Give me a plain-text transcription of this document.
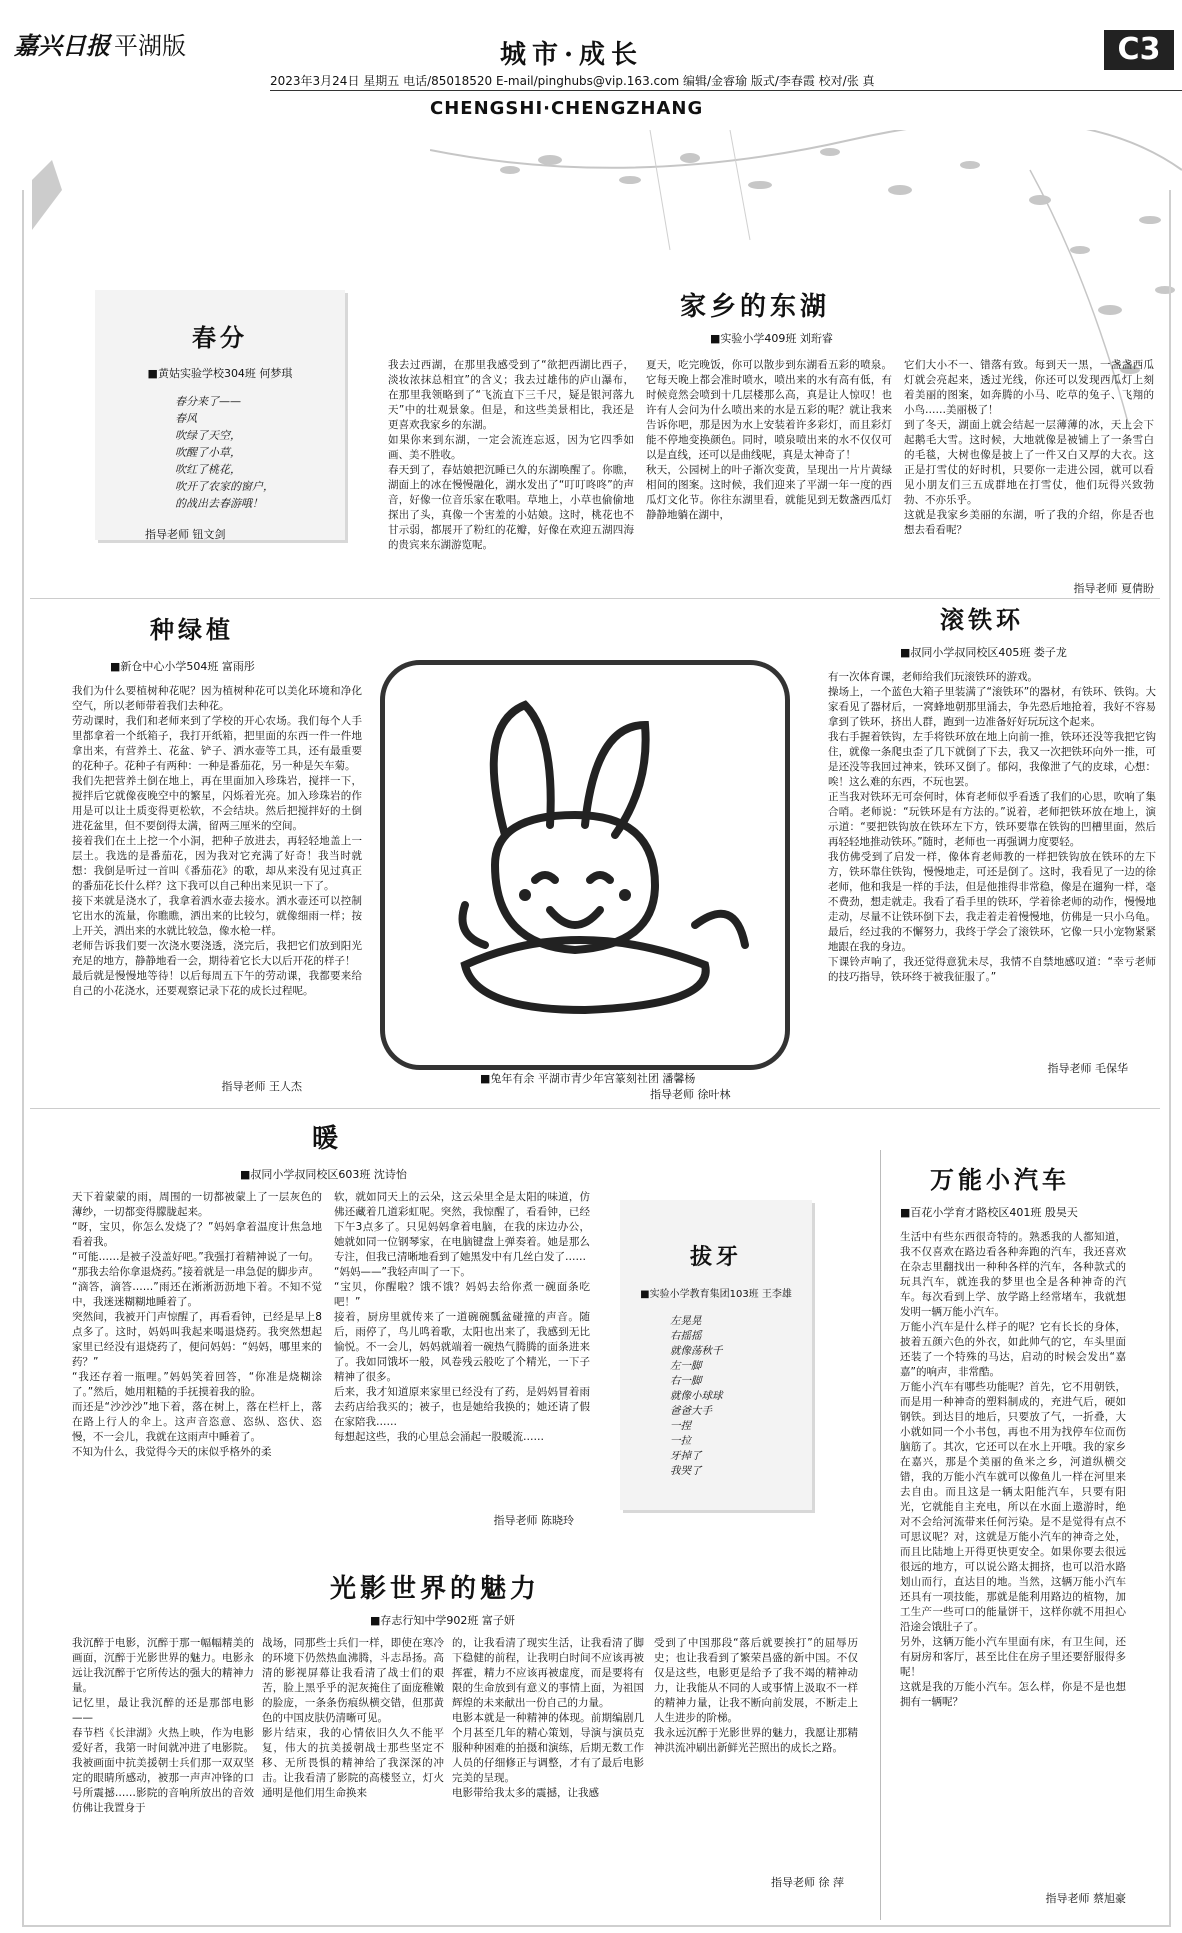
嘉兴日报 平湖版	城市·成长	C3
2023年3月24日 星期五 电话/85018520 E-mail/pinghubs@vip.163.com 编辑/金睿瑜 版式/李春霞 校对/张 真
CHENGSHI·CHENGZHANG
春分
■黄姑实验学校304班 何梦琪
春分来了——
春风
吹绿了天空，
吹醒了小草，
吹红了桃花，
吹开了农家的窗户，
的战出去春游哦！
指导老师 钮文剑
家乡的东湖
■实验小学409班 刘珩睿
我去过西湖，在那里我感受到了“欲把西湖比西子，淡妆浓抹总相宜”的含义；我去过雄伟的庐山瀑布，在那里我领略到了“飞流直下三千尺，疑是银河落九天”中的壮观景象。但是，和这些美景相比，我还是更喜欢我家乡的东湖。
如果你来到东湖，一定会流连忘返，因为它四季如画、美不胜收。
春天到了，春姑娘把沉睡已久的东湖唤醒了。你瞧，湖面上的冰在慢慢融化，湖水发出了“叮叮咚咚”的声音，好像一位音乐家在歌唱。草地上，小草也偷偷地探出了头，真像一个害羞的小姑娘。这时，桃花也不甘示弱，都展开了粉红的花瓣，好像在欢迎五湖四海的贵宾来东湖游览呢。
夏天，吃完晚饭，你可以散步到东湖看五彩的喷泉。它每天晚上都会准时喷水，喷出来的水有高有低，有时候竟然会喷到十几层楼那么高，真是让人惊叹！也许有人会问为什么喷出来的水是五彩的呢？就让我来告诉你吧，那是因为水上安装着许多彩灯，而且彩灯能不停地变换颜色。同时，喷泉喷出来的水不仅仅可以是直线，还可以是曲线呢，真是太神奇了！
秋天，公园树上的叶子渐次变黄，呈现出一片片黄绿相间的图案。这时候，我们迎来了平湖一年一度的西瓜灯文化节。你往东湖里看，就能见到无数盏西瓜灯静静地躺在湖中，
它们大小不一、错落有致。每到天一黑，一盏盏西瓜灯就会亮起来，透过光线，你还可以发现西瓜灯上刻着美丽的图案，如奔腾的小马、吃草的兔子、飞翔的小鸟……美丽极了！
到了冬天，湖面上就会结起一层薄薄的冰，天上会下起鹅毛大雪。这时候，大地就像是被铺上了一条雪白的毛毯，大树也像是披上了一件又白又厚的大衣。这正是打雪仗的好时机，只要你一走进公园，就可以看见小朋友们三五成群地在打雪仗，他们玩得兴致勃勃、不亦乐乎。
这就是我家乡美丽的东湖，听了我的介绍，你是否也想去看看呢？
指导老师 夏倩盼
种绿植
■新仓中心小学504班 富雨彤
我们为什么要植树种花呢？因为植树种花可以美化环境和净化空气，所以老师带着我们去种花。
劳动课时，我们和老师来到了学校的开心农场。我们每个人手里都拿着一个纸箱子，我打开纸箱，把里面的东西一件一件地拿出来，有营养土、花盆、铲子、洒水壶等工具，还有最重要的花种子。花种子有两种：一种是番茄花，另一种是矢车菊。
我们先把营养土倒在地上，再在里面加入珍珠岩，搅拌一下，搅拌后它就像夜晚空中的繁星，闪烁着光亮。加入珍珠岩的作用是可以让土质变得更松软，不会结块。然后把搅拌好的土倒进花盆里，但不要倒得太满，留两三厘米的空间。
接着我们在土上挖一个小洞，把种子放进去，再轻轻地盖上一层土。我选的是番茄花，因为我对它充满了好奇！我当时就想：我倒是听过一首叫《番茄花》的歌，却从来没有见过真正的番茄花长什么样？这下我可以自己种出来见识一下了。
接下来就是浇水了，我拿着洒水壶去接水。洒水壶还可以控制它出水的流量，你瞧瞧，洒出来的比较匀，就像细雨一样；按上开关，洒出来的水就比较急，像水枪一样。
老师告诉我们要一次浇水要浇透，浇完后，我把它们放到阳光充足的地方，静静地看一会，期待着它长大以后开花的样子！
最后就是慢慢地等待！以后每周五下午的劳动课，我都要来给自己的小花浇水，还要观察记录下花的成长过程呢。
指导老师 王人杰
■兔年有余 平湖市青少年宫篆刻社团 潘馨杨
指导老师 徐叶林
滚铁环
■叔同小学叔同校区405班 娄子龙
有一次体育课，老师给我们玩滚铁环的游戏。
操场上，一个蓝色大箱子里装满了“滚铁环”的器材，有铁环、铁钩。大家看见了器材后，一窝蜂地朝那里涌去，争先恐后地抢着，我好不容易拿到了铁环，挤出人群，跑到一边准备好好玩玩这个起来。
我右手握着铁钩，左手将铁环放在地上向前一推，铁环还没等我把它钩住，就像一条爬虫歪了几下就倒了下去，我又一次把铁环向外一推，可是还没等我回过神来，铁环又倒了。郁闷，我像泄了气的皮球，心想：唉！这么难的东西，不玩也罢。
正当我对铁环无可奈何时，体育老师似乎看透了我们的心思，吹响了集合哨。老师说：“玩铁环是有方法的。”说着，老师把铁环放在地上，演示道：“要把铁钩放在铁环左下方，铁环要靠在铁钩的凹槽里面，然后再轻轻地推动铁环。”随时，老师也一再强调力度要轻。
我仿佛受到了启发一样，像体育老师教的一样把铁钩放在铁环的左下方，铁环靠住铁钩，慢慢地走，可还是倒了。这时，我看见了一边的徐老师，他和我是一样的手法，但是他推得非常稳，像是在遛狗一样，毫不费劲，想走就走。我看了看手里的铁环，学着徐老师的动作，慢慢地走动，尽量不让铁环倒下去，我走着走着慢慢地，仿佛是一只小乌龟。最后，经过我的不懈努力，我终于学会了滚铁环，它像一只小宠物紧紧地跟在我的身边。
下课铃声响了，我还觉得意犹未尽，我情不自禁地感叹道：“幸亏老师的技巧指导，铁环终于被我征服了。”
指导老师 毛保华
暖
■叔同小学叔同校区603班 沈诗怡
天下着蒙蒙的雨，周围的一切都被蒙上了一层灰色的薄纱，一切都变得朦胧起来。
“呀，宝贝，你怎么发烧了？”妈妈拿着温度计焦急地看着我。
“可能……是被子没盖好吧。”我强打着精神说了一句。
“那我去给你拿退烧药。”接着就是一串急促的脚步声。
“滴答，滴答……”雨还在淅淅沥沥地下着。不知不觉中，我迷迷糊糊地睡着了。
突然间，我被开门声惊醒了，再看看钟，已经是早上8点多了。这时，妈妈叫我起来喝退烧药。我突然想起家里已经没有退烧药了，便问妈妈：“妈妈，哪里来的药？”
“我还存着一瓶哩。”妈妈笑着回答，“你准是烧糊涂了。”然后，她用粗糙的手抚摸着我的脸。
而还是“沙沙沙”地下着，落在树上，落在栏杆上，落在路上行人的伞上。这声音恣意、恣纵、恣伏、恣慢，不一会儿，我就在这雨声中睡着了。
不知为什么，我觉得今天的床似乎格外的柔
软，就如同天上的云朵，这云朵里全是太阳的味道，仿佛还藏着几道彩虹呢。突然，我惊醒了，看看钟，已经下午3点多了。只见妈妈拿着电脑，在我的床边办公，她就如同一位钢琴家，在电脑键盘上弹奏着。她是那么专注，但我已清晰地看到了她黑发中有几丝白发了……
“妈妈——”我轻声叫了一下。
“宝贝，你醒啦？饿不饿？妈妈去给你煮一碗面条吃吧！”
接着，厨房里就传来了一道碗碗瓢盆碰撞的声音。随后，雨停了，鸟儿鸣着歌，太阳也出来了，我感到无比愉悦。不一会儿，妈妈就端着一碗热气腾腾的面条进来了。我如同饿坏一般，风卷残云般吃了个精光，一下子精神了很多。
后来，我才知道原来家里已经没有了药，是妈妈冒着雨去药店给我买的；被子，也是她给我换的；她还请了假在家陪我……
每想起这些，我的心里总会涌起一股暖流……
指导老师 陈晓玲
拔牙
■实验小学教育集团103班 王李雄
左晃晃
右摇摇
就像荡秋千
左一脚
右一脚
就像小球球
爸爸大手
一捏
一拉
牙掉了
我哭了
万能小汽车
■百花小学育才路校区401班 殷昊天
生活中有些东西很奇特的。熟悉我的人都知道，我不仅喜欢在路边看各种奔跑的汽车，我还喜欢在杂志里翻找出一种种各样的汽车，各种款式的玩具汽车，就连我的梦里也全是各种神奇的汽车。每次看到上学、放学路上经常堵车，我就想发明一辆万能小汽车。
万能小汽车是什么样子的呢？它有长长的身体，披着五颜六色的外衣，如此帅气的它，车头里面还装了一个特殊的马达，启动的时候会发出“嘉嘉”的响声，非常酷。
万能小汽车有哪些功能呢？首先，它不用朝铁，而是用一种神奇的塑料制成的，充进气后，硬如钢铁。到达目的地后，只要放了气，一折叠，大小就如同一个小书包，再也不用为找停车位而伤脑筋了。其次，它还可以在水上开哦。我的家乡在嘉兴，那是个美丽的鱼米之乡，河道纵横交错，我的万能小汽车就可以像鱼儿一样在河里来去自由。而且这是一辆太阳能汽车，只要有阳光，它就能自主充电，所以在水面上遨游时，绝对不会给河流带来任何污染。是不是觉得有点不可思议呢？对，这就是万能小汽车的神奇之处，而且比陆地上开得更快更安全。如果你要去很远很远的地方，可以说公路太拥挤，也可以沿水路划山而行，直达目的地。当然，这辆万能小汽车还具有一项技能，那就是能利用路边的植物，加工生产一些可口的能量饼干，这样你就不用担心沿途会饿肚子了。
另外，这辆万能小汽车里面有床，有卫生间，还有厨房和客厅，甚至比住在房子里还要舒服得多呢！
这就是我的万能小汽车。怎么样，你是不是也想拥有一辆呢？
指导老师 蔡旭豪
光影世界的魅力
■存志行知中学902班 富子妍
我沉醉于电影，沉醉于那一幅幅精美的画面，沉醉于光影世界的魅力。电影永远让我沉醉于它所传达的强大的精神力量。
记忆里，最让我沉醉的还是那部电影——
春节档《长津湖》火热上映，作为电影爱好者，我第一时间就冲进了电影院。我被画面中抗美援朝士兵们那一双双坚定的眼睛所感动，被那一声声冲锋的口号所震撼……影院的音响所放出的音效仿佛让我置身于
战场，同那些士兵们一样，即使在寒冷的环境下仍然热血沸腾，斗志昂扬。高清的影视屏幕让我看清了战士们的艰苦，脸上黑乎乎的泥灰掩住了面庞稚嫩的脸庞，一条条伤痕纵横交错，但那黄色的中国皮肤仍清晰可见。
影片结束，我的心情依旧久久不能平复，伟大的抗美援朝战士那些坚定不移、无所畏惧的精神给了我深深的冲击。让我看清了影院的高楼竖立，灯火通明是他们用生命换来
的，让我看清了现实生活，让我看清了脚下稳健的前程，让我明白时间不应该再被挥霍，精力不应该再被虚度，而是要将有限的生命放到有意义的事情上面，为祖国辉煌的未来献出一份自己的力量。
电影本就是一种精神的体现。前期编剧几个月甚至几年的精心策划，导演与演员克服种种困难的拍摄和演练，后期无数工作人员的仔细修正与调整，才有了最后电影完美的呈现。
电影带给我太多的震撼，让我感
受到了中国那段“落后就要挨打”的屈辱历史；也让我看到了繁荣昌盛的新中国。不仅仅是这些，电影更是给予了我不竭的精神动力，让我能从不同的人或事情上汲取不一样的精神力量，让我不断向前发展，不断走上人生进步的阶梯。
我永远沉醉于光影世界的魅力，我愿让那精神洪流冲刷出新鲜光芒照出的成长之路。
指导老师 徐 萍
